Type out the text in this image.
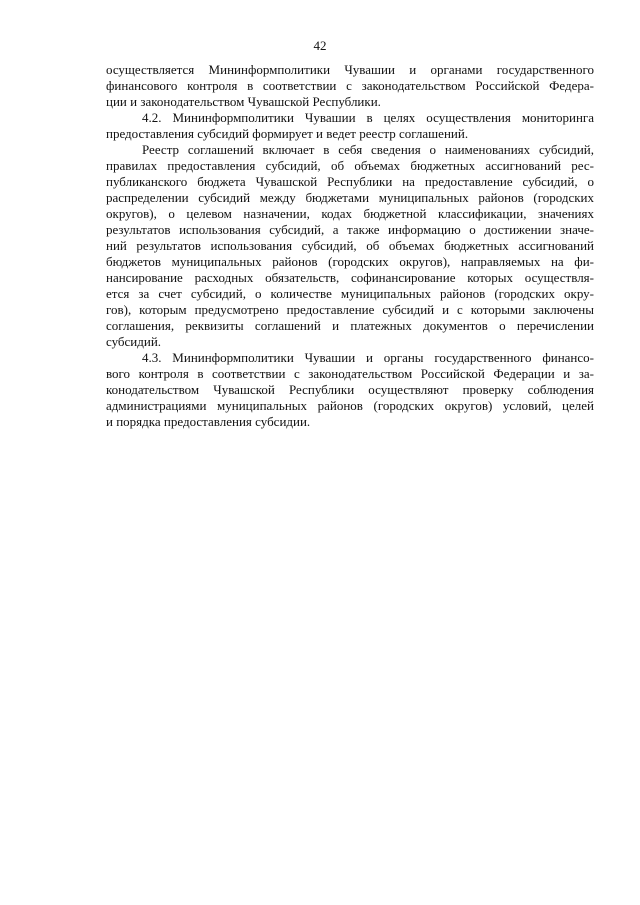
42
осуществляется Мининформполитики Чувашии и органами государственного
финансового контроля в соответствии с законодательством Российской Федера-
ции и законодательством Чувашской Республики.
4.2. Мининформполитики Чувашии в целях осуществления мониторинга
предоставления субсидий формирует и ведет реестр соглашений.
Реестр соглашений включает в себя сведения о наименованиях субсидий,
правилах предоставления субсидий, об объемах бюджетных ассигнований рес-
публиканского бюджета Чувашской Республики на предоставление субсидий, о
распределении субсидий между бюджетами муниципальных районов (городских
округов), о целевом назначении, кодах бюджетной классификации, значениях
результатов использования субсидий, а также информацию о достижении значе-
ний результатов использования субсидий, об объемах бюджетных ассигнований
бюджетов муниципальных районов (городских округов), направляемых на фи-
нансирование расходных обязательств, софинансирование которых осуществля-
ется за счет субсидий, о количестве муниципальных районов (городских окру-
гов), которым предусмотрено предоставление субсидий и с которыми заключены
соглашения, реквизиты соглашений и платежных документов о перечислении
субсидий.
4.3. Мининформполитики Чувашии и органы государственного финансо-
вого контроля в соответствии с законодательством Российской Федерации и за-
конодательством Чувашской Республики осуществляют проверку соблюдения
администрациями муниципальных районов (городских округов) условий, целей
и порядка предоставления субсидии.
